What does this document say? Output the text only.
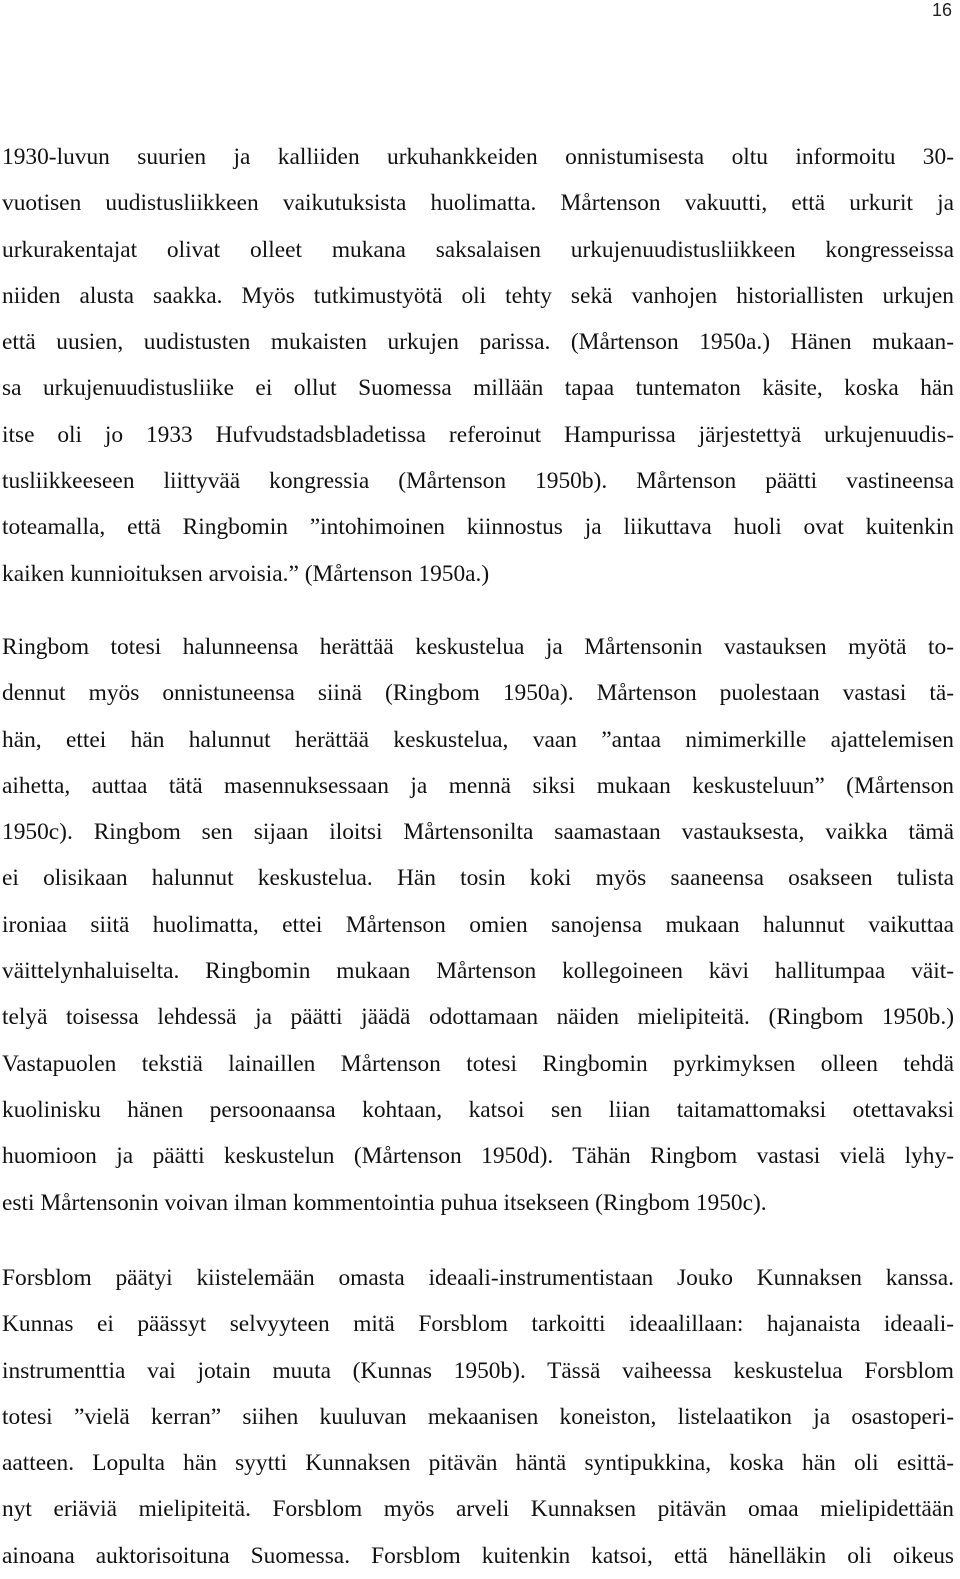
16

1930-luvun suurien ja kalliiden urkuhankkeiden onnistumisesta oltu informoitu 30-
vuotisen uudistusliikkeen vaikutuksista huolimatta. Mårtenson vakuutti, että urkurit ja
urkurakentajat olivat olleet mukana saksalaisen urkujenuudistusliikkeen kongresseissa
niiden alusta saakka. Myös tutkimustyötä oli tehty sekä vanhojen historiallisten urkujen
että uusien, uudistusten mukaisten urkujen parissa. (Mårtenson 1950a.) Hänen mukaan-
sa urkujenuudistusliike ei ollut Suomessa millään tapaa tuntematon käsite, koska hän
itse oli jo 1933 Hufvudstadsbladetissa referoinut Hampurissa järjestettyä urkujenuudis-
tusliikkeeseen liittyvää kongressia (Mårtenson 1950b). Mårtenson päätti vastineensa
toteamalla, että Ringbomin ”intohimoinen kiinnostus ja liikuttava huoli ovat kuitenkin
kaiken kunnioituksen arvoisia.” (Mårtenson 1950a.)

Ringbom totesi halunneensa herättää keskustelua ja Mårtensonin vastauksen myötä to-
dennut myös onnistuneensa siinä (Ringbom 1950a). Mårtenson puolestaan vastasi tä-
hän, ettei hän halunnut herättää keskustelua, vaan ”antaa nimimerkille ajattelemisen
aihetta, auttaa tätä masennuksessaan ja mennä siksi mukaan keskusteluun” (Mårtenson
1950c). Ringbom sen sijaan iloitsi Mårtensonilta saamastaan vastauksesta, vaikka tämä
ei olisikaan halunnut keskustelua. Hän tosin koki myös saaneensa osakseen tulista
ironiaa siitä huolimatta, ettei Mårtenson omien sanojensa mukaan halunnut vaikuttaa
väittelynhaluiselta. Ringbomin mukaan Mårtenson kollegoineen kävi hallitumpaa väit-
telyä toisessa lehdessä ja päätti jäädä odottamaan näiden mielipiteitä. (Ringbom 1950b.)
Vastapuolen tekstiä lainaillen Mårtenson totesi Ringbomin pyrkimyksen olleen tehdä
kuolinisku hänen persoonaansa kohtaan, katsoi sen liian taitamattomaksi otettavaksi
huomioon ja päätti keskustelun (Mårtenson 1950d). Tähän Ringbom vastasi vielä lyhy-
esti Mårtensonin voivan ilman kommentointia puhua itsekseen (Ringbom 1950c).

Forsblom päätyi kiistelemään omasta ideaali-instrumentistaan Jouko Kunnaksen kanssa.
Kunnas ei päässyt selvyyteen mitä Forsblom tarkoitti ideaalillaan: hajanaista ideaali-
instrumenttia vai jotain muuta (Kunnas 1950b). Tässä vaiheessa keskustelua Forsblom
totesi ”vielä kerran” siihen kuuluvan mekaanisen koneiston, listelaatikon ja osastoperi-
aatteen. Lopulta hän syytti Kunnaksen pitävän häntä syntipukkina, koska hän oli esittä-
nyt eriäviä mielipiteitä. Forsblom myös arveli Kunnaksen pitävän omaa mielipidettään
ainoana auktorisoituna Suomessa. Forsblom kuitenkin katsoi, että hänelläkin oli oikeus
